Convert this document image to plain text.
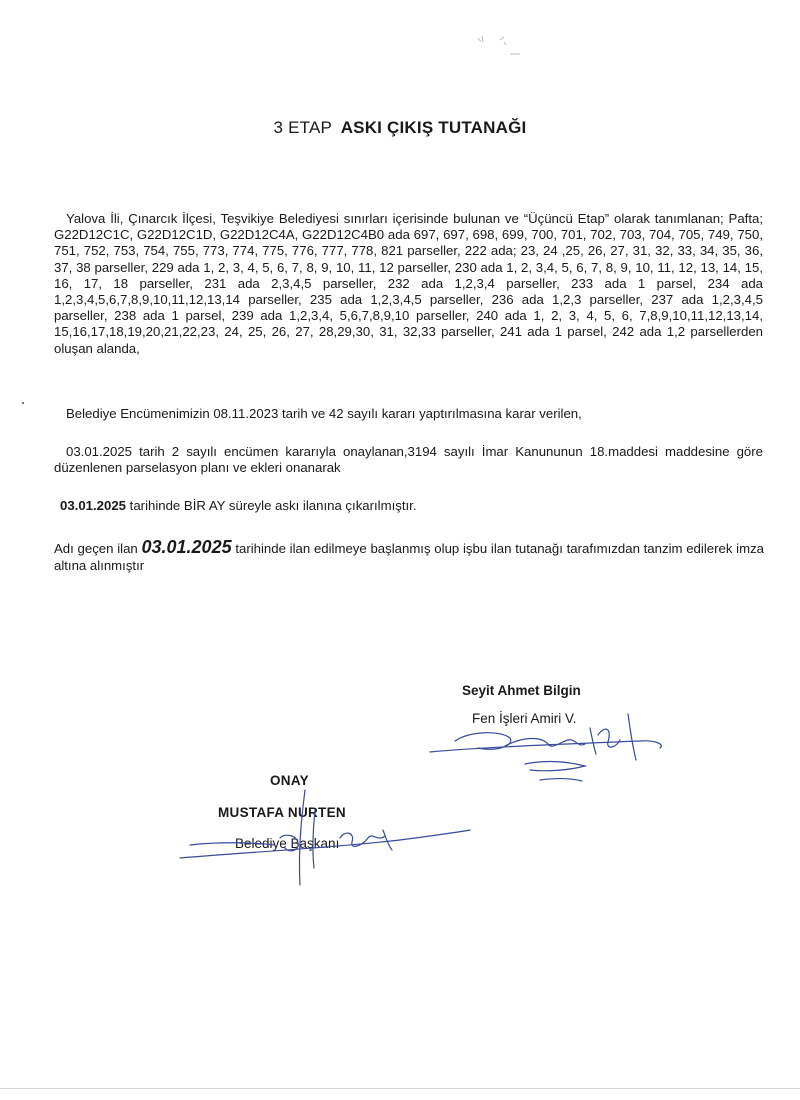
3 ETAP ASKI ÇIKIŞ TUTANAĞI
Yalova İli, Çınarcık İlçesi, Teşvikiye Belediyesi sınırları içerisinde bulunan ve “Üçüncü Etap” olarak tanımlanan; Pafta; G22D12C1C, G22D12C1D, G22D12C4A, G22D12C4B0 ada 697, 697, 698, 699, 700, 701, 702, 703, 704, 705, 749, 750, 751, 752, 753, 754, 755, 773, 774, 775, 776, 777, 778, 821 parseller, 222 ada; 23, 24 ,25, 26, 27, 31, 32, 33, 34, 35, 36, 37, 38 parseller, 229 ada 1, 2, 3, 4, 5, 6, 7, 8, 9, 10, 11, 12 parseller, 230 ada 1, 2, 3,4, 5, 6, 7, 8, 9, 10, 11, 12, 13, 14, 15, 16, 17, 18 parseller, 231 ada 2,3,4,5 parseller, 232 ada 1,2,3,4 parseller, 233 ada 1 parsel, 234 ada 1,2,3,4,5,6,7,8,9,10,11,12,13,14 parseller, 235 ada 1,2,3,4,5 parseller, 236 ada 1,2,3 parseller, 237 ada 1,2,3,4,5 parseller, 238 ada 1 parsel, 239 ada 1,2,3,4, 5,6,7,8,9,10 parseller, 240 ada 1, 2, 3, 4, 5, 6, 7,8,9,10,11,12,13,14, 15,16,17,18,19,20,21,22,23, 24, 25, 26, 27, 28,29,30, 31, 32,33 parseller, 241 ada 1 parsel, 242 ada 1,2 parsellerden oluşan alanda,
Belediye Encümenimizin 08.11.2023 tarih ve 42 sayılı kararı yaptırılmasına karar verilen,
03.01.2025 tarih 2 sayılı encümen kararıyla onaylanan,3194 sayılı İmar Kanununun 18.maddesi maddesine göre düzenlenen parselasyon planı ve ekleri onanarak
03.01.2025 tarihinde BİR AY süreyle askı ilanına çıkarılmıştır.
Adı geçen ilan 03.01.2025 tarihinde ilan edilmeye başlanmış olup işbu ilan tutanağı tarafımızdan tanzim edilerek imza altına alınmıştır
Seyit Ahmet Bilgin
Fen İşleri Amiri V.
ONAY
MUSTAFA NURTEN
Belediye Başkanı
